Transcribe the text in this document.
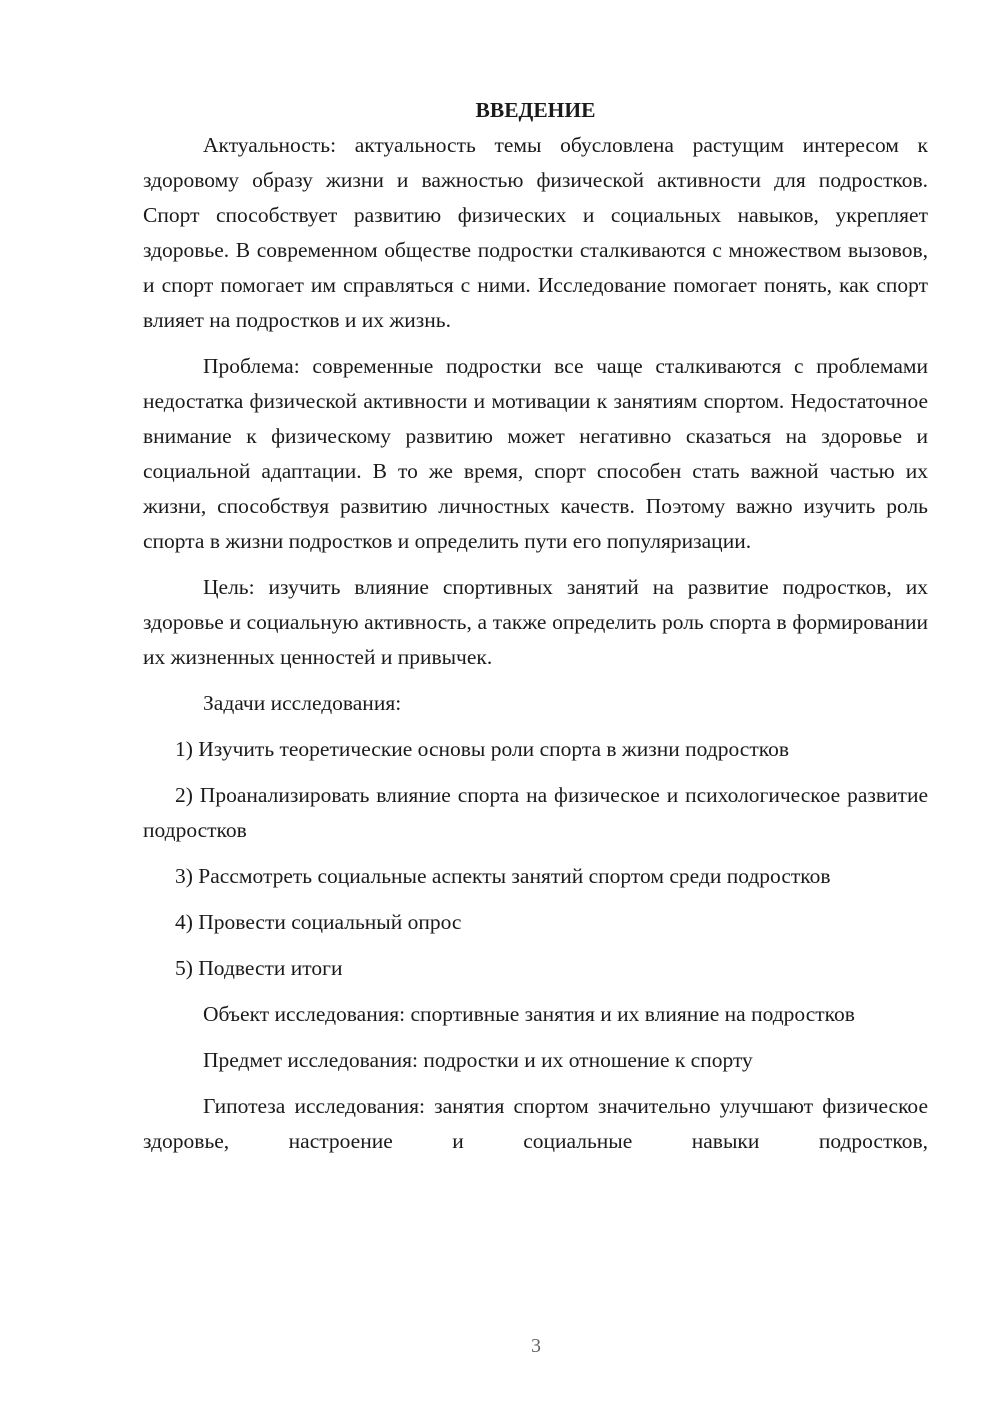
ВВЕДЕНИЕ

Актуальность: актуальность темы обусловлена растущим интересом к здоровому образу жизни и важностью физической активности для подростков. Спорт способствует развитию физических и социальных навыков, укрепляет здоровье. В современном обществе подростки сталкиваются с множеством вызовов, и спорт помогает им справляться с ними. Исследование помогает понять, как спорт влияет на подростков и их жизнь.

Проблема: современные подростки все чаще сталкиваются с проблемами недостатка физической активности и мотивации к занятиям спортом. Недостаточное внимание к физическому развитию может негативно сказаться на здоровье и социальной адаптации. В то же время, спорт способен стать важной частью их жизни, способствуя развитию личностных качеств. Поэтому важно изучить роль спорта в жизни подростков и определить пути его популяризации.

Цель: изучить влияние спортивных занятий на развитие подростков, их здоровье и социальную активность, а также определить роль спорта в формировании их жизненных ценностей и привычек.

Задачи исследования:

1) Изучить теоретические основы роли спорта в жизни подростков

2) Проанализировать влияние спорта на физическое и психологическое развитие подростков

3) Рассмотреть социальные аспекты занятий спортом среди подростков

4) Провести социальный опрос

5) Подвести итоги

Объект исследования: спортивные занятия и их влияние на подростков

Предмет исследования: подростки и их отношение к спорту

Гипотеза исследования: занятия спортом значительно улучшают физическое здоровье, настроение и социальные навыки подростков,

3
